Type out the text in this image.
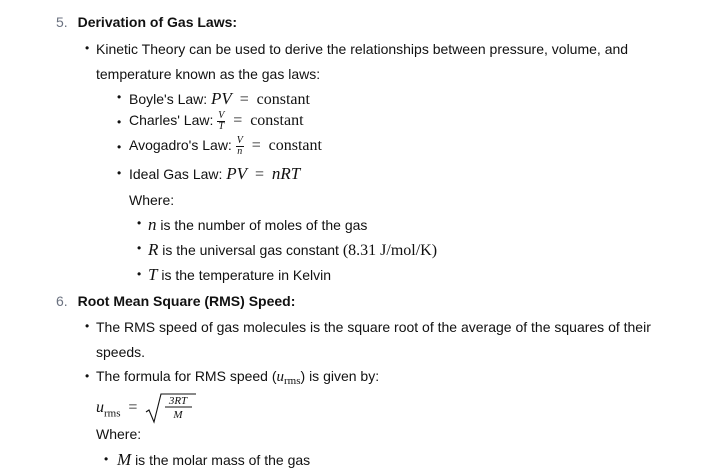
5. Derivation of Gas Laws:
• Kinetic Theory can be used to derive the relationships between pressure, volume, and
temperature known as the gas laws:
• Boyle's Law: PV = constant
• Charles' Law: $\frac{V}{T}$ = constant
• Avogadro's Law: $\frac{V}{n}$ = constant
• Ideal Gas Law: PV = nRT
Where:
• n is the number of moles of the gas
• R is the universal gas constant (8.31 J/mol/K)
• T is the temperature in Kelvin
6. Root Mean Square (RMS) Speed:
• The RMS speed of gas molecules is the square root of the average of the squares of their
speeds.
• The formula for RMS speed $(u_{rms})$ is given by:
$u_{rms}$ =	3RT
M
Where:
• M is the molar mass of the gas
